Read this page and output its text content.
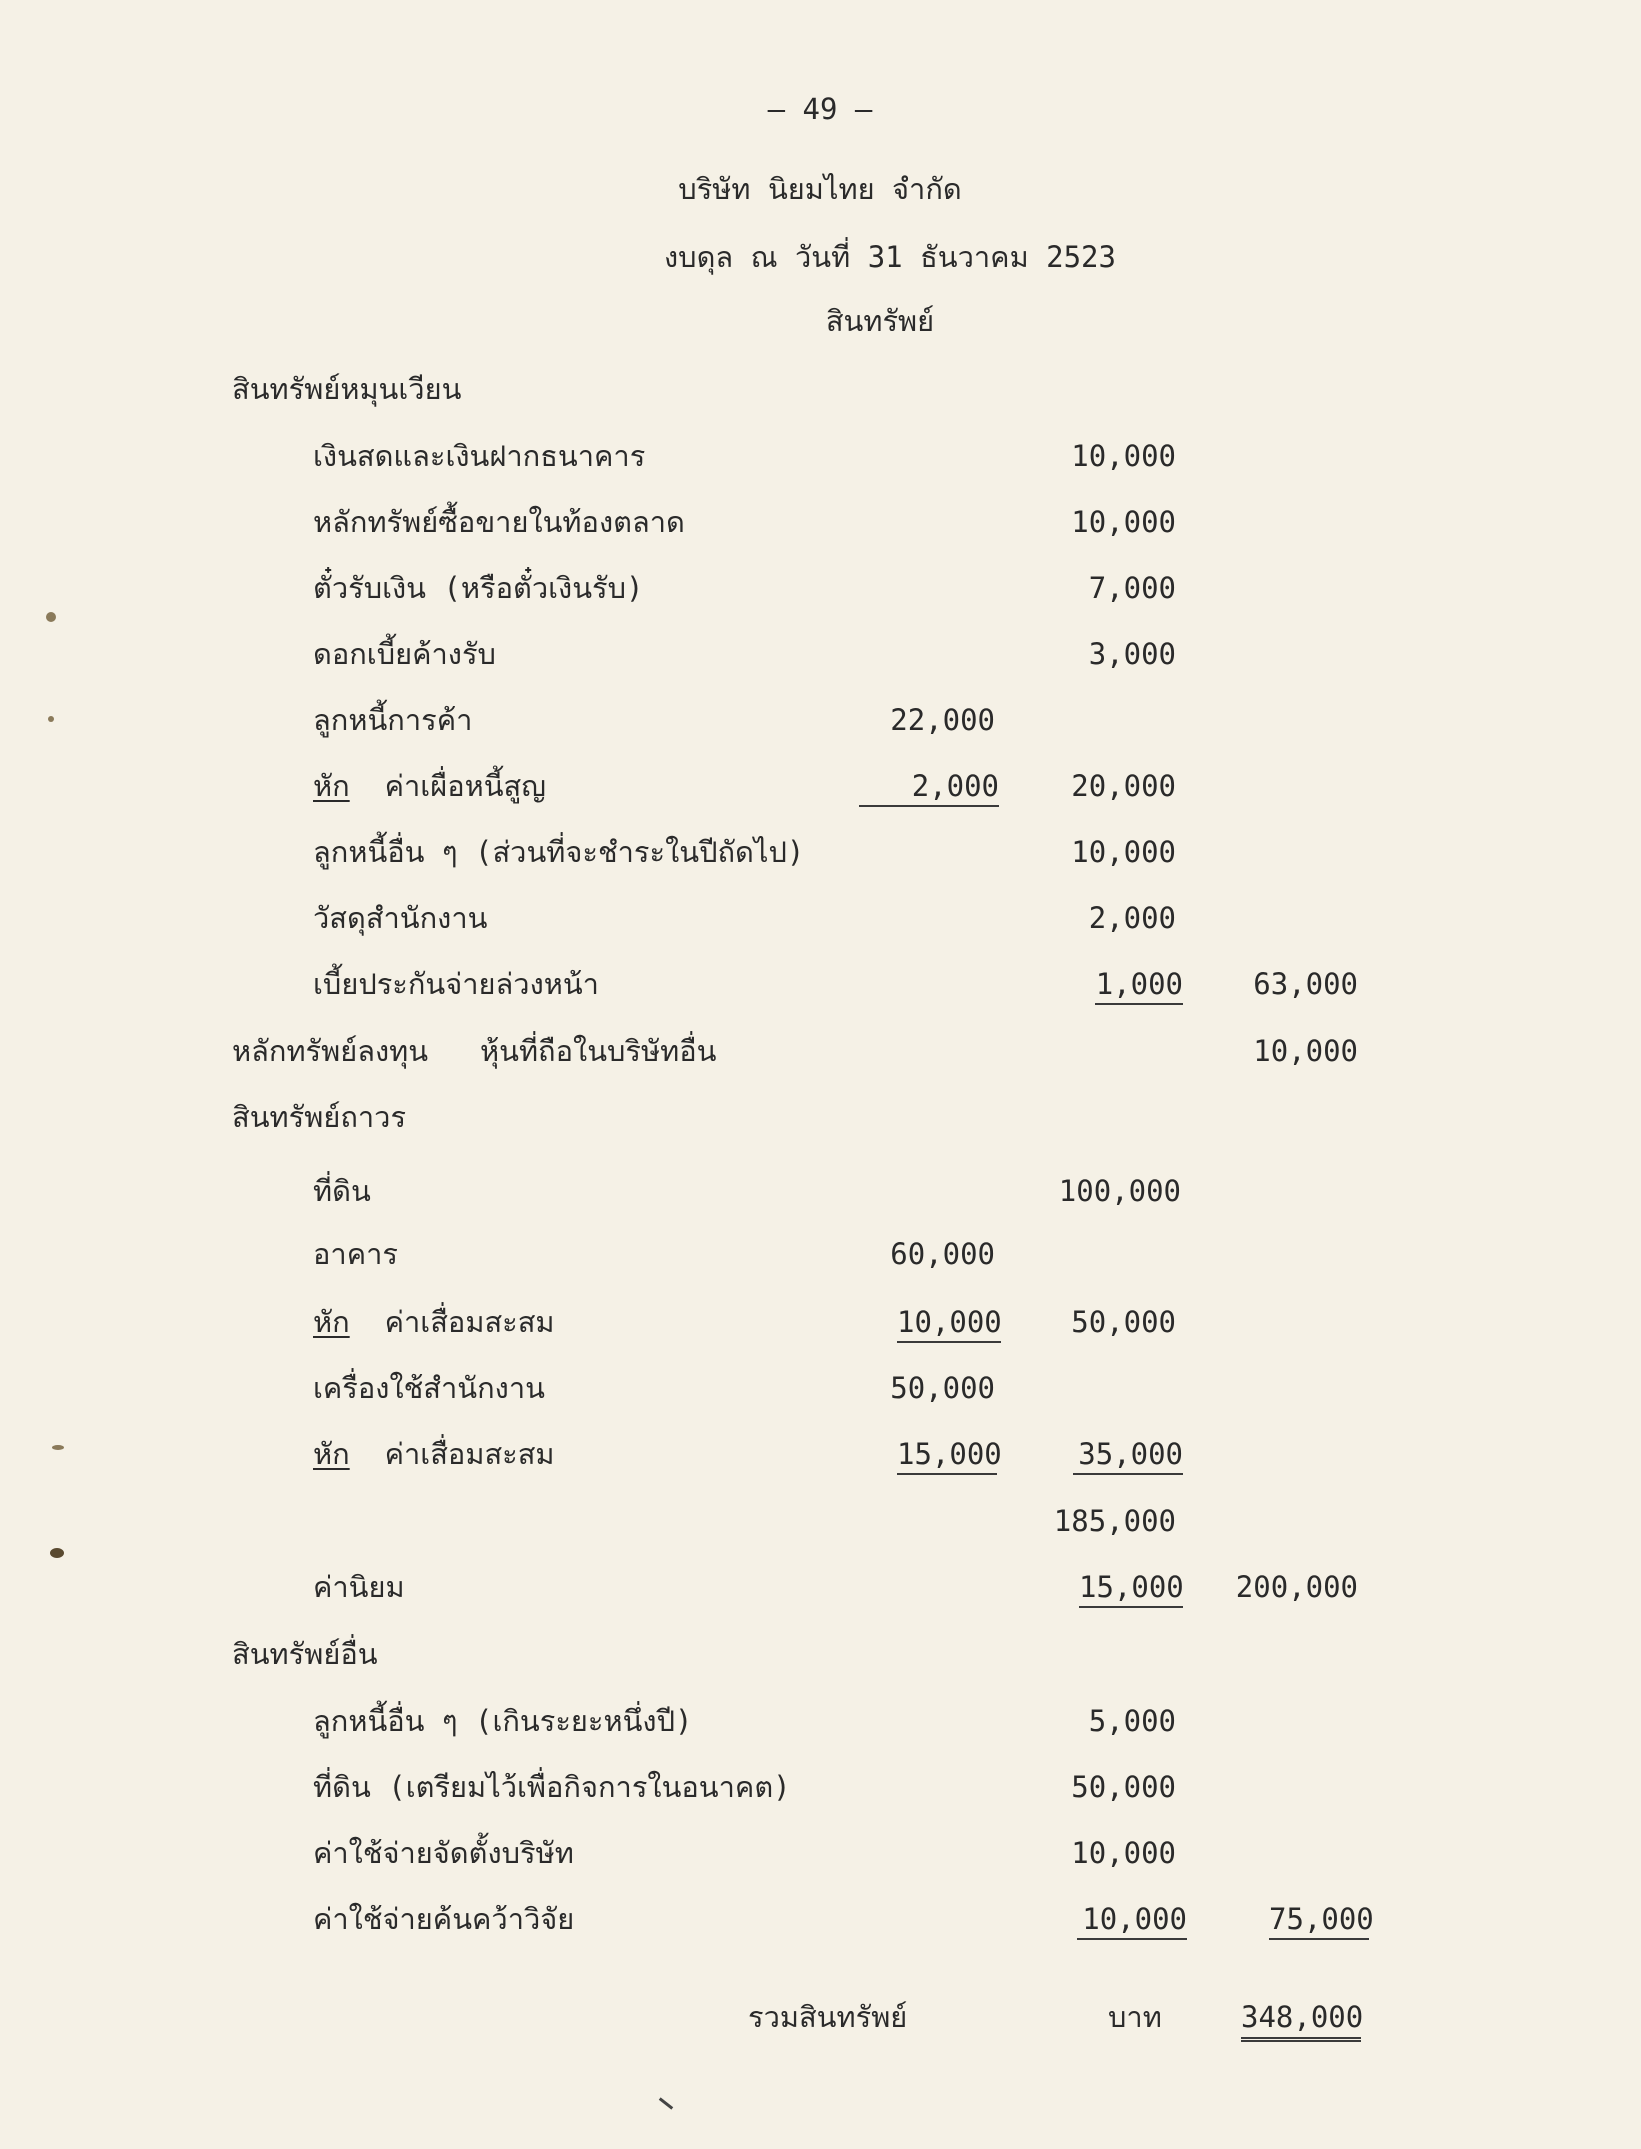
– 49 –
บริษัท นิยมไทย จำกัด
งบดุล ณ วันที่ 31 ธันวาคม 2523
สินทรัพย์
สินทรัพย์หมุนเวียน
เงินสดและเงินฝากธนาคาร	10,000
หลักทรัพย์ซื้อขายในท้องตลาด	10,000
ตั๋วรับเงิน (หรือตั๋วเงินรับ)	7,000
ดอกเบี้ยค้างรับ	3,000
ลูกหนี้การค้า	22,000
หัก ค่าเผื่อหนี้สูญ	2,000 20,000
ลูกหนี้อื่น ๆ (ส่วนที่จะชำระในปีถัดไป)	10,000
วัสดุสำนักงาน	2,000
เบี้ยประกันจ่ายล่วงหน้า	1,000 63,000
หลักทรัพย์ลงทุน หุ้นที่ถือในบริษัทอื่น	10,000
สินทรัพย์ถาวร
ที่ดิน	100,000
อาคาร	60,000
หัก ค่าเสื่อมสะสม	10,000 50,000
เครื่องใช้สำนักงาน	50,000
หัก ค่าเสื่อมสะสม	15,000	35,000
185,000
ค่านิยม	15,000 200,000
สินทรัพย์อื่น
ลูกหนี้อื่น ๆ (เกินระยะหนึ่งปี)	5,000
ที่ดิน (เตรียมไว้เพื่อกิจการในอนาคต)	50,000
ค่าใช้จ่ายจัดตั้งบริษัท	10,000
ค่าใช้จ่ายค้นคว้าวิจัย	10,000	75,000
รวมสินทรัพย์	บาท	348,000
